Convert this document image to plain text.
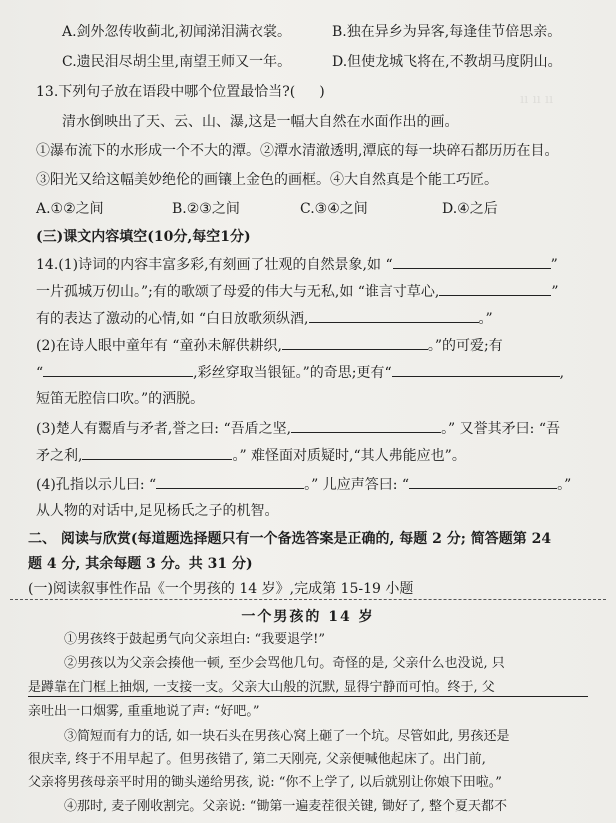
ıı ıı ıı
A.剑外忽传收蓟北,初闻涕泪满衣裳。	B.独在异乡为异客,每逢佳节倍思亲。
C.遗民泪尽胡尘里,南望王师又一年。	D.但使龙城飞将在,不教胡马度阴山。
13.下列句子放在语段中哪个位置最恰当?( )
清水倒映出了天、云、山、瀑,这是一幅大自然在水面作出的画。
①瀑布流下的水形成一个不大的潭。②潭水清澈透明,潭底的每一块碎石都历历在目。
③阳光又给这幅美妙绝伦的画镶上金色的画框。④大自然真是个能工巧匠。
A.①②之间	B.②③之间	C.③④之间	D.④之后
(三)课文内容填空(10分,每空1分)
14.(1)诗词的内容丰富多彩,有刻画了壮观的自然景象,如 “	”
一片孤城万仞山。”;有的歌颂了母爱的伟大与无私,如 “谁言寸草心,	”
有的表达了激动的心情,如 “白日放歌须纵酒,	。”
(2)在诗人眼中童年有 “童孙未解供耕织,	。”的可爱;有
“	,彩丝穿取当银钲。”的奇思;更有“	,
短笛无腔信口吹。”的洒脱。
(3)楚人有鬻盾与矛者,誉之曰: “吾盾之坚,	。” 又誉其矛曰: “吾
矛之利,	。” 难怪面对质疑时,“其人弗能应也”。
(4)孔指以示儿曰: “	。” 儿应声答曰: “	。”
从人物的对话中,足见杨氏之子的机智。
二、 阅读与欣赏(每道题选择题只有一个备选答案是正确的, 每题 2 分; 简答题第 24
题 4 分, 其余每题 3 分。共 31 分)
(一)阅读叙事性作品《一个男孩的 14 岁》,完成第 15-19 小题
一个男孩的 14 岁
①男孩终于鼓起勇气向父亲坦白: “我要退学!”
②男孩以为父亲会揍他一顿, 至少会骂他几句。奇怪的是, 父亲什么也没说, 只
是蹲靠在门框上抽烟, 一支接一支。父亲大山般的沉默, 显得宁静而可怕。终于, 父
亲吐出一口烟雾, 重重地说了声: “好吧。”
③简短而有力的话, 如一块石头在男孩心窝上砸了一个坑。尽管如此, 男孩还是
很庆幸, 终于不用早起了。但男孩错了, 第二天刚亮, 父亲便喊他起床了。出门前,
父亲将男孩母亲平时用的锄头递给男孩, 说: “你不上学了, 以后就别让你娘下田啦。”
④那时, 麦子刚收割完。父亲说: “锄第一遍麦茬很关键, 锄好了, 整个夏天都不
